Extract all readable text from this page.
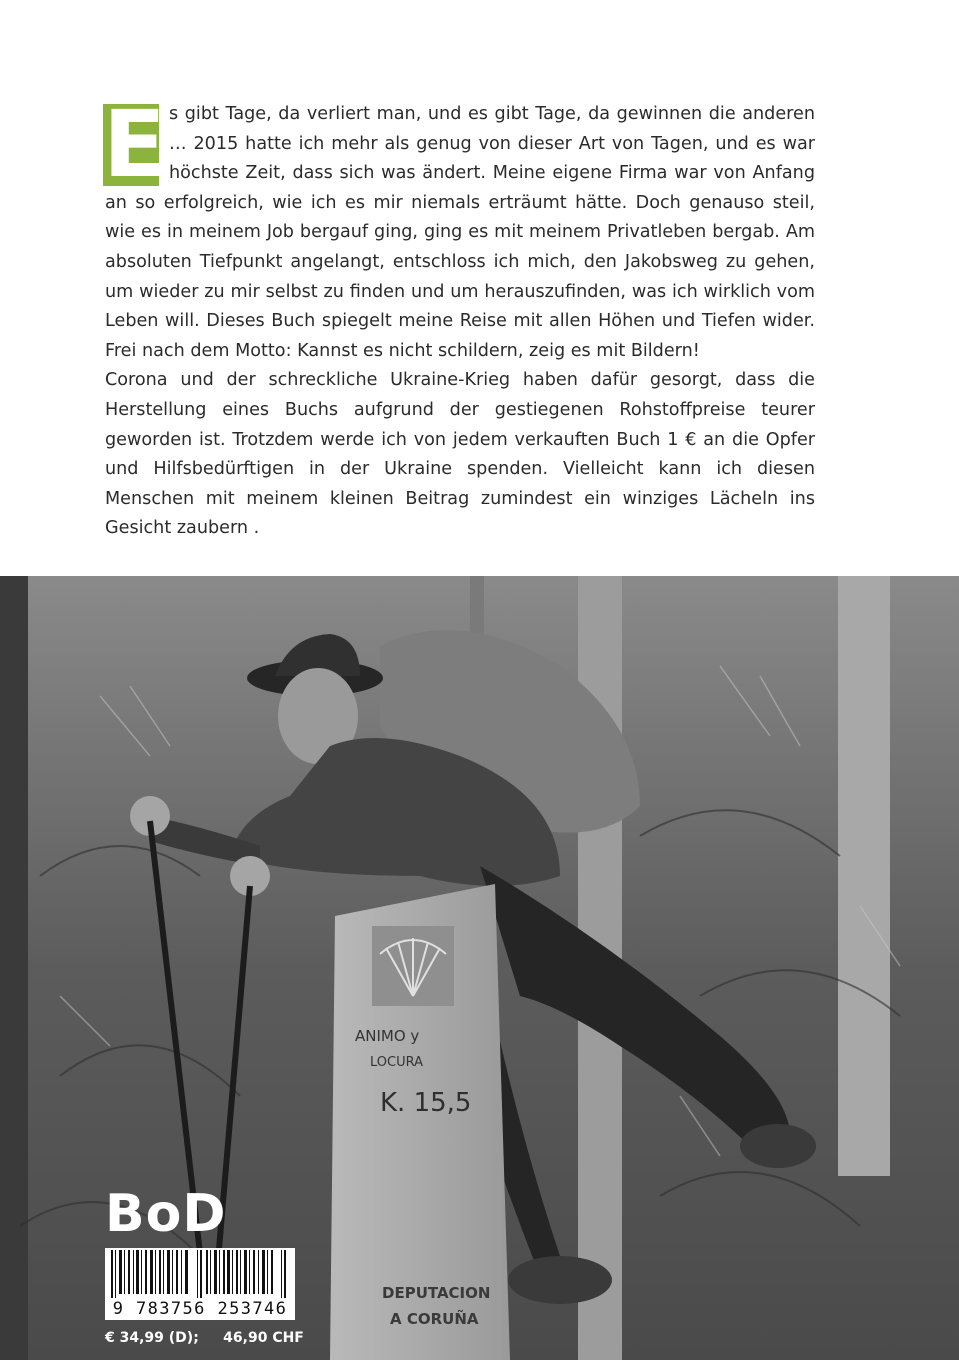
E s gibt Tage, da verliert man, und es gibt Tage, da gewinnen die anderen … 2015 hatte ich mehr als genug von dieser Art von Tagen, und es war höchste Zeit, dass sich was ändert. Meine eigene Firma war von Anfang an so erfolgreich, wie ich es mir niemals erträumt hätte. Doch genauso steil, wie es in meinem Job bergauf ging, ging es mit meinem Privatleben bergab. Am absoluten Tiefpunkt angelangt, entschloss ich mich, den Jakobsweg zu gehen, um wieder zu mir selbst zu finden und um herauszufinden, was ich wirklich vom Leben will. Dieses Buch spiegelt meine Reise mit allen Höhen und Tiefen wider. Frei nach dem Motto: Kannst es nicht schildern, zeig es mit Bildern!

Corona und der schreckliche Ukraine-Krieg haben dafür gesorgt, dass die Herstellung eines Buchs aufgrund der gestiegenen Rohstoffpreise teurer geworden ist. Trotzdem werde ich von jedem verkauften Buch 1 € an die Opfer und Hilfsbedürftigen in der Ukraine spenden. Vielleicht kann ich diesen Menschen mit meinem kleinen Beitrag zumindest ein winziges Lächeln ins Gesicht zaubern .

ANIMO y
LOCURA
K. 15,5
DEPUTACION
A CORUÑA
BoD
9 783756 253746
€ 34,99 (D);     46,90 CHF
